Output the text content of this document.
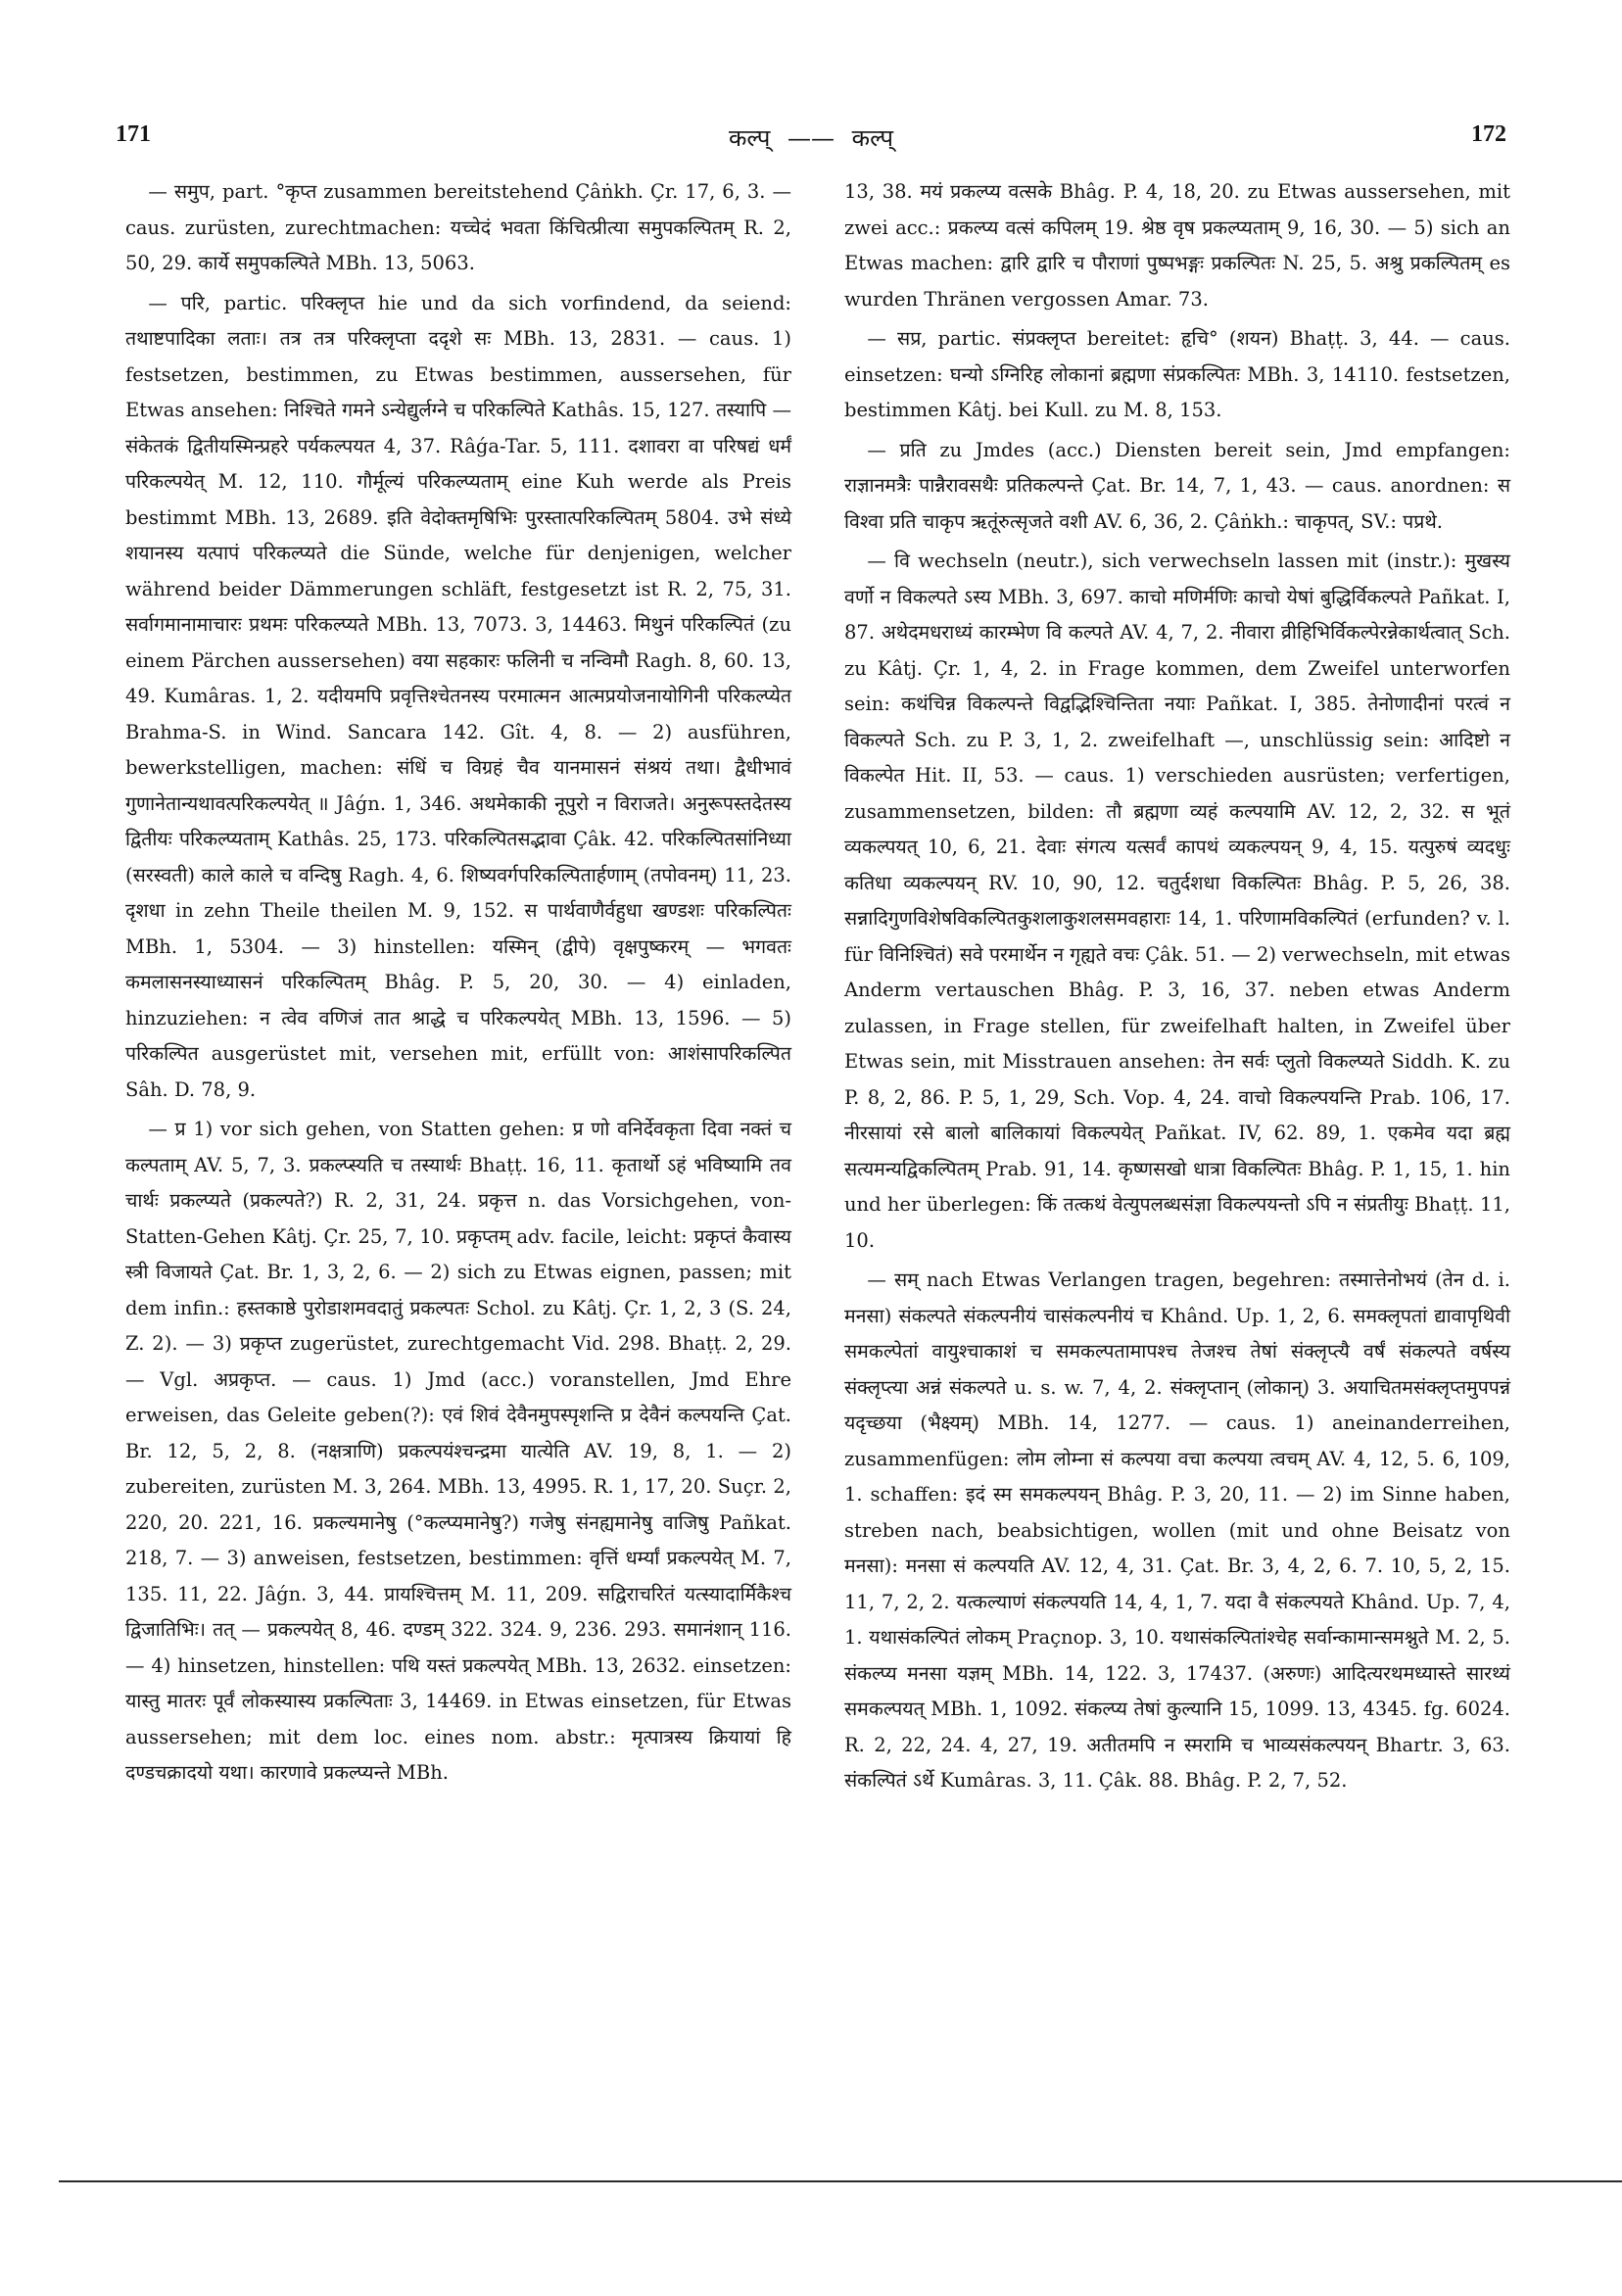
171	कल्प् —— कल्प्	172

— समुप, part. °कृप्त zusammen bereitstehend Çâṅkh. Çr. 17, 6, 3. — caus. zurüsten, zurechtmachen: यच्चेदं भवता किंचित्प्रीत्या समुपकल्पितम् R. 2, 50, 29. कार्ये समुपकल्पिते MBh. 13, 5063.

— परि, partic. परिक्लृप्त hie und da sich vorfindend, da seiend: तथाष्टपादिका लताः। तत्र तत्र परिक्लृप्ता ददृशे सः MBh. 13, 2831. — caus. 1) festsetzen, bestimmen, zu Etwas bestimmen, aussersehen, für Etwas ansehen: निश्चिते गमने ऽन्येद्युर्लग्ने च परिकल्पिते Kathâs. 15, 127. तस्यापि — संकेतकं द्वितीयस्मिन्प्रहरे पर्यकल्पयत 4, 37. Râǵa-Tar. 5, 111. दशावरा वा परिषद्यं धर्मं परिकल्पयेत् M. 12, 110. गौर्मूल्यं परिकल्प्यताम् eine Kuh werde als Preis bestimmt MBh. 13, 2689. इति वेदोक्तमृषिभिः पुरस्तात्परिकल्पितम् 5804. उभे संध्ये शयानस्य यत्पापं परिकल्प्यते die Sünde, welche für denjenigen, welcher während beider Dämmerungen schläft, festgesetzt ist R. 2, 75, 31. सर्वागमानामाचारः प्रथमः परिकल्प्यते MBh. 13, 7073. 3, 14463. मिथुनं परिकल्पितं (zu einem Pärchen aussersehen) वया सहकारः फलिनी च नन्विमौ Ragh. 8, 60. 13, 49. Kumâras. 1, 2. यदीयमपि प्रवृत्तिश्चेतनस्य परमात्मन आत्मप्रयोजनायोगिनी परिकल्प्येत Brahma-S. in Wind. Sancara 142. Gît. 4, 8. — 2) ausführen, bewerkstelligen, machen: संधिं च विग्रहं चैव यानमासनं संश्रयं तथा। द्वैधीभावं गुणानेतान्यथावत्परिकल्पयेत् ॥ Jâǵn. 1, 346. अथमेकाकी नूपुरो न विराजते। अनुरूपस्तदेतस्य द्वितीयः परिकल्प्यताम् Kathâs. 25, 173. परिकल्पितसद्भावा Çâk. 42. परिकल्पितसांनिध्या (सरस्वती) काले काले च वन्दिषु Ragh. 4, 6. शिष्यवर्गपरिकल्पितार्हणाम् (तपोवनम्) 11, 23. दृशधा in zehn Theile theilen M. 9, 152. स पार्थवाणैर्वहुधा खण्डशः परिकल्पितः MBh. 1, 5304. — 3) hinstellen: यस्मिन् (द्वीपे) वृक्षपुष्करम् — भगवतः कमलासनस्याध्यासनं परिकल्पितम् Bhâg. P. 5, 20, 30. — 4) einladen, hinzuziehen: न त्वेव वणिजं तात श्राद्धे च परिकल्पयेत् MBh. 13, 1596. — 5) परिकल्पित ausgerüstet mit, versehen mit, erfüllt von: आशंसापरिकल्पित Sâh. D. 78, 9.

— प्र 1) vor sich gehen, von Statten gehen: प्र णो वनिर्देवकृता दिवा नक्तं च कल्पताम् AV. 5, 7, 3. प्रकल्प्स्यति च तस्यार्थः Bhaṭṭ. 16, 11. कृतार्थो ऽहं भविष्यामि तव चार्थः प्रकल्प्यते (प्रकल्पते?) R. 2, 31, 24. प्रकृत्त n. das Vorsichgehen, von-Statten-Gehen Kâtj. Çr. 25, 7, 10. प्रकृप्तम् adv. facile, leicht: प्रकृप्तं कैवास्य स्त्री विजायते Çat. Br. 1, 3, 2, 6. — 2) sich zu Etwas eignen, passen; mit dem infin.: हस्तकाष्ठे पुरोडाशमवदातुं प्रकल्पतः Schol. zu Kâtj. Çr. 1, 2, 3 (S. 24, Z. 2). — 3) प्रकृप्त zugerüstet, zurechtgemacht Vid. 298. Bhaṭṭ. 2, 29. — Vgl. अप्रकृप्त. — caus. 1) Jmd (acc.) voranstellen, Jmd Ehre erweisen, das Geleite geben(?): एवं शिवं देवैनमुपस्पृशन्ति प्र देवैनं कल्पयन्ति Çat. Br. 12, 5, 2, 8. (नक्षत्राणि) प्रकल्पयंश्चन्द्रमा यात्येति AV. 19, 8, 1. — 2) zubereiten, zurüsten M. 3, 264. MBh. 13, 4995. R. 1, 17, 20. Suçr. 2, 220, 20. 221, 16. प्रकल्यमानेषु (°कल्प्यमानेषु?) गजेषु संनह्यमानेषु वाजिषु Pañkat. 218, 7. — 3) anweisen, festsetzen, bestimmen: वृत्तिं धर्म्यां प्रकल्पयेत् M. 7, 135. 11, 22. Jâǵn. 3, 44. प्रायश्चित्तम् M. 11, 209. सद्विराचरितं यत्स्यादार्मिकैश्च द्विजातिभिः। तत् — प्रकल्पयेत् 8, 46. दण्डम् 322. 324. 9, 236. 293. समानंशान् 116. — 4) hinsetzen, hinstellen: पथि यस्तं प्रकल्पयेत् MBh. 13, 2632. einsetzen: यास्तु मातरः पूर्वं लोकस्यास्य प्रकल्पिताः 3, 14469. in Etwas einsetzen, für Etwas aussersehen; mit dem loc. eines nom. abstr.: मृत्पात्रस्य क्रियायां हि दण्डचक्रादयो यथा। कारणावे प्रकल्प्यन्ते MBh.

13, 38. मयं प्रकल्प्य वत्सके Bhâg. P. 4, 18, 20. zu Etwas aussersehen, mit zwei acc.: प्रकल्प्य वत्सं कपिलम् 19. श्रेष्ठ वृष प्रकल्प्यताम् 9, 16, 30. — 5) sich an Etwas machen: द्वारि द्वारि च पौराणां पुष्पभङ्गः प्रकल्पितः N. 25, 5. अश्रु प्रकल्पितम् es wurden Thränen vergossen Amar. 73.

— सप्र, partic. संप्रक्लृप्त bereitet: हृचि° (शयन) Bhaṭṭ. 3, 44. — caus. einsetzen: घन्यो ऽग्निरिह लोकानां ब्रह्मणा संप्रकल्पितः MBh. 3, 14110. festsetzen, bestimmen Kâtj. bei Kull. zu M. 8, 153.

— प्रति zu Jmdes (acc.) Diensten bereit sein, Jmd empfangen: राज्ञानमत्रैः पान्नैरावसथैः प्रतिकल्पन्ते Çat. Br. 14, 7, 1, 43. — caus. anordnen: स विश्वा प्रति चाकृप ऋतूंरुत्सृजते वशी AV. 6, 36, 2. Çâṅkh.: चाकृपत्, SV.: पप्रथे.

— वि wechseln (neutr.), sich verwechseln lassen mit (instr.): मुखस्य वर्णो न विकल्पते ऽस्य MBh. 3, 697. काचो मणिर्मणिः काचो येषां बुद्धिर्विकल्पते Pañkat. I, 87. अथेदमधराध्यं कारम्भेण वि कल्पते AV. 4, 7, 2. नीवारा व्रीहिभिर्विकल्पेरन्नेकार्थत्वात् Sch. zu Kâtj. Çr. 1, 4, 2. in Frage kommen, dem Zweifel unterworfen sein: कथंचिन्न विकल्पन्ते विद्वद्भिश्चिन्तिता नयाः Pañkat. I, 385. तेनोणादीनां परत्वं न विकल्पते Sch. zu P. 3, 1, 2. zweifelhaft —, unschlüssig sein: आदिष्टो न विकल्पेत Hit. II, 53. — caus. 1) verschieden ausrüsten; verfertigen, zusammensetzen, bilden: तौ ब्रह्मणा व्यहं कल्पयामि AV. 12, 2, 32. स भूतं व्यकल्पयत् 10, 6, 21. देवाः संगत्य यत्सर्वं कापथं व्यकल्पयन् 9, 4, 15. यत्पुरुषं व्यदधुः कतिधा व्यकल्पयन् RV. 10, 90, 12. चतुर्दशधा विकल्पितः Bhâg. P. 5, 26, 38. सन्नादिगुणविशेषविकल्पितकुशलाकुशलसमवहाराः 14, 1. परिणामविकल्पितं (erfunden? v. l. für विनिश्चितं) सवे परमार्थेन न गृह्यते वचः Çâk. 51. — 2) verwechseln, mit etwas Anderm vertauschen Bhâg. P. 3, 16, 37. neben etwas Anderm zulassen, in Frage stellen, für zweifelhaft halten, in Zweifel über Etwas sein, mit Misstrauen ansehen: तेन सर्वः प्लुतो विकल्प्यते Siddh. K. zu P. 8, 2, 86. P. 5, 1, 29, Sch. Vop. 4, 24. वाचो विकल्पयन्ति Prab. 106, 17. नीरसायां रसे बालो बालिकायां विकल्पयेत् Pañkat. IV, 62. 89, 1. एकमेव यदा ब्रह्म सत्यमन्यद्विकल्पितम् Prab. 91, 14. कृष्णसखो धात्रा विकल्पितः Bhâg. P. 1, 15, 1. hin und her überlegen: किं तत्कथं वेत्युपलब्धसंज्ञा विकल्पयन्तो ऽपि न संप्रतीयुः Bhaṭṭ. 11, 10.

— सम् nach Etwas Verlangen tragen, begehren: तस्मात्तेनोभयं (तेन d. i. मनसा) संकल्पते संकल्पनीयं चासंकल्पनीयं च Khând. Up. 1, 2, 6. समक्लृपतां द्यावापृथिवी समकल्पेतां वायुश्चाकाशं च समकल्पतामापश्च तेजश्च तेषां संक्लृप्त्यै वर्षं संकल्पते वर्षस्य संक्लृप्त्या अन्नं संकल्पते u. s. w. 7, 4, 2. संक्लृप्तान् (लोकान्) 3. अयाचितमसंक्लृप्तमुपपन्नं यदृच्छया (भैक्ष्यम्) MBh. 14, 1277. — caus. 1) aneinanderreihen, zusammenfügen: लोम लोम्ना सं कल्पया वचा कल्पया त्वचम् AV. 4, 12, 5. 6, 109, 1. schaffen: इदं स्म समकल्पयन् Bhâg. P. 3, 20, 11. — 2) im Sinne haben, streben nach, beabsichtigen, wollen (mit und ohne Beisatz von मनसा): मनसा सं कल्पयति AV. 12, 4, 31. Çat. Br. 3, 4, 2, 6. 7. 10, 5, 2, 15. 11, 7, 2, 2. यत्कल्याणं संकल्पयति 14, 4, 1, 7. यदा वै संकल्पयते Khând. Up. 7, 4, 1. यथासंकल्पितं लोकम् Praçnop. 3, 10. यथासंकल्पितांश्चेह सर्वान्कामान्समश्नुते M. 2, 5. संकल्प्य मनसा यज्ञम् MBh. 14, 122. 3, 17437. (अरुणः) आदित्यरथमध्यास्ते सारथ्यं समकल्पयत् MBh. 1, 1092. संकल्प्य तेषां कुल्यानि 15, 1099. 13, 4345. fg. 6024. R. 2, 22, 24. 4, 27, 19. अतीतमपि न स्मरामि च भाव्यसंकल्पयन् Bhartr. 3, 63. संकल्पितं ऽर्थे Kumâras. 3, 11. Çâk. 88. Bhâg. P. 2, 7, 52.
